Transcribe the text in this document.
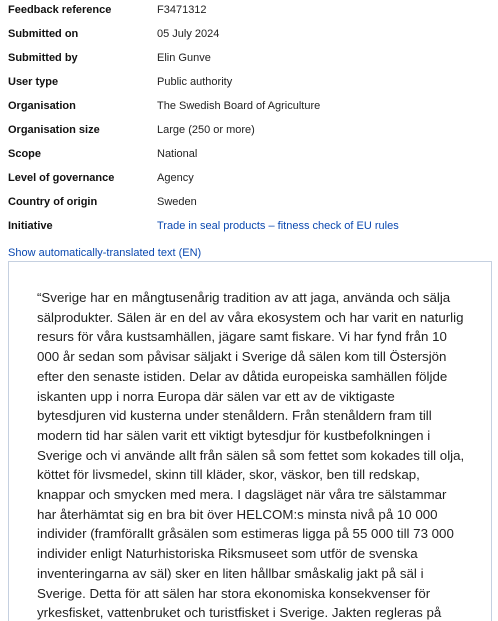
Feedback reference	F3471312
Submitted on	05 July 2024
Submitted by	Elin Gunve
User type	Public authority
Organisation	The Swedish Board of Agriculture
Organisation size	Large (250 or more)
Scope	National
Level of governance	Agency
Country of origin	Sweden
Initiative	Trade in seal products – fitness check of EU rules
Show automatically-translated text (EN)

“Sverige har en mångtusenårig tradition av att jaga, använda och sälja
sälprodukter. Sälen är en del av våra ekosystem och har varit en naturlig
resurs för våra kustsamhällen, jägare samt fiskare. Vi har fynd från 10
000 år sedan som påvisar säljakt i Sverige då sälen kom till Östersjön
efter den senaste istiden. Delar av dåtida europeiska samhällen följde
iskanten upp i norra Europa där sälen var ett av de viktigaste
bytesdjuren vid kusterna under stenåldern. Från stenåldern fram till
modern tid har sälen varit ett viktigt bytesdjur för kustbefolkningen i
Sverige och vi använde allt från sälen så som fettet som kokades till olja,
köttet för livsmedel, skinn till kläder, skor, väskor, ben till redskap,
knappar och smycken med mera. I dagsläget när våra tre sälstammar
har återhämtat sig en bra bit över HELCOM:s minsta nivå på 10 000
individer (framförallt gråsälen som estimeras ligga på 55 000 till 73 000
individer enligt Naturhistoriska Riksmuseet som utför de svenska
inventeringarna av säl) sker en liten hållbar småskalig jakt på säl i
Sverige. Detta för att sälen har stora ekonomiska konsekvenser för
yrkesfisket, vattenbruket och turistfisket i Sverige. Jakten regleras på
